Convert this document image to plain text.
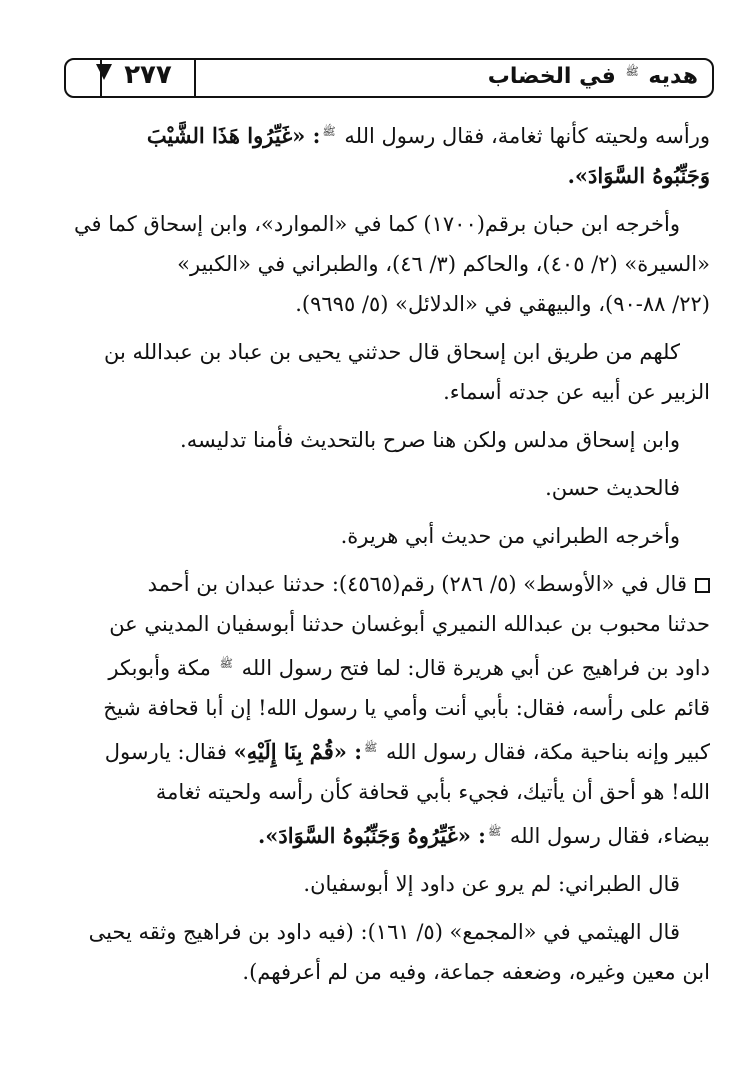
هديه $^ﷺ$ في الخضاب
٢٧٧

ورأسه ولحيته كأنها ثغامة، فقال رسول الله $^ﷺ$: «غَيِّرُوا هَذَا الشَّيْبَ

وَجَنِّبُوهُ السَّوَادَ».

وأخرجه ابن حبان برقم(١٧٠٠) كما في «الموارد»، وابن إسحاق كما في

«السيرة» (٢/ ٤٠٥)، والحاكم (٣/ ٤٦)، والطبراني في «الكبير»

(٢٢/ ٨٨-٩٠)، والبيهقي في «الدلائل» (٥/ ٩٦٩٥).

كلهم من طريق ابن إسحاق قال حدثني يحيى بن عباد بن عبدالله بن

الزبير عن أبيه عن جدته أسماء.

وابن إسحاق مدلس ولكن هنا صرح بالتحديث فأمنا تدليسه.

فالحديث حسن.

وأخرجه الطبراني من حديث أبي هريرة.

قال في «الأوسط» (٥/ ٢٨٦) رقم(٤٥٦٥): حدثنا عبدان بن أحمد

حدثنا محبوب بن عبدالله النميري أبوغسان حدثنا أبوسفيان المديني عن

داود بن فراهيج عن أبي هريرة قال: لما فتح رسول الله $^ﷺ$ مكة وأبوبكر

قائم على رأسه، فقال: بأبي أنت وأمي يا رسول الله! إن أبا قحافة شيخ

كبير وإنه بناحية مكة، فقال رسول الله $^ﷺ$: «قُمْ بِنَا إِلَيْهِ» فقال: يارسول

الله! هو أحق أن يأتيك، فجيء بأبي قحافة كأن رأسه ولحيته ثغامة

بيضاء، فقال رسول الله $^ﷺ$: «غَيِّرُوهُ وَجَنِّبُوهُ السَّوَادَ».

قال الطبراني: لم يرو عن داود إلا أبوسفيان.

قال الهيثمي في «المجمع» (٥/ ١٦١): (فيه داود بن فراهيج وثقه يحيى

ابن معين وغيره، وضعفه جماعة، وفيه من لم أعرفهم).
